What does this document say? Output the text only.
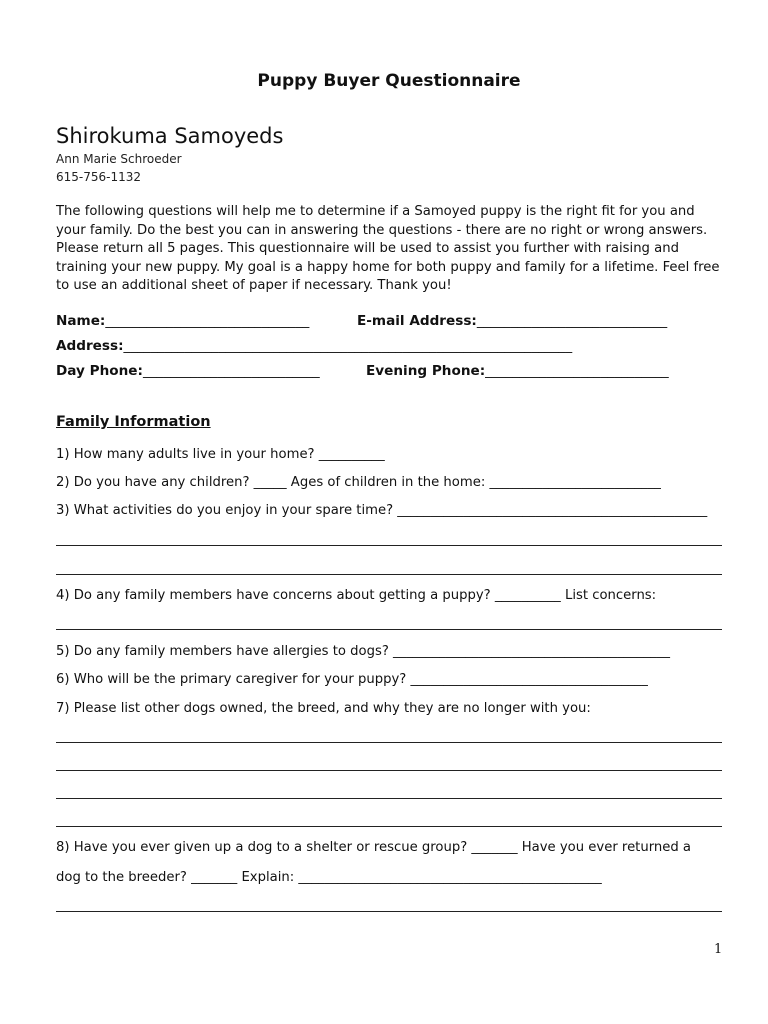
Puppy Buyer Questionnaire
Shirokuma Samoyeds
Ann Marie Schroeder
615-756-1132
The following questions will help me to determine if a Samoyed puppy is the right fit for you and your family. Do the best you can in answering the questions - there are no right or wrong answers. Please return all 5 pages. This questionnaire will be used to assist you further with raising and training your new puppy. My goal is a happy home for both puppy and family for a lifetime. Feel free to use an additional sheet of paper if necessary. Thank you!
Name:______________________________	E-mail Address:____________________________
Address:__________________________________________________________________
Day Phone:__________________________	Evening Phone:___________________________
Family Information
1) How many adults live in your home? __________
2) Do you have any children? _____ Ages of children in the home: __________________________
3) What activities do you enjoy in your spare time? _______________________________________________
4) Do any family members have concerns about getting a puppy? __________ List concerns:
5) Do any family members have allergies to dogs? __________________________________________
6) Who will be the primary caregiver for your puppy? ____________________________________
7) Please list other dogs owned, the breed, and why they are no longer with you:
8) Have you ever given up a dog to a shelter or rescue group? _______ Have you ever returned a
dog to the breeder? _______ Explain: ______________________________________________
1
